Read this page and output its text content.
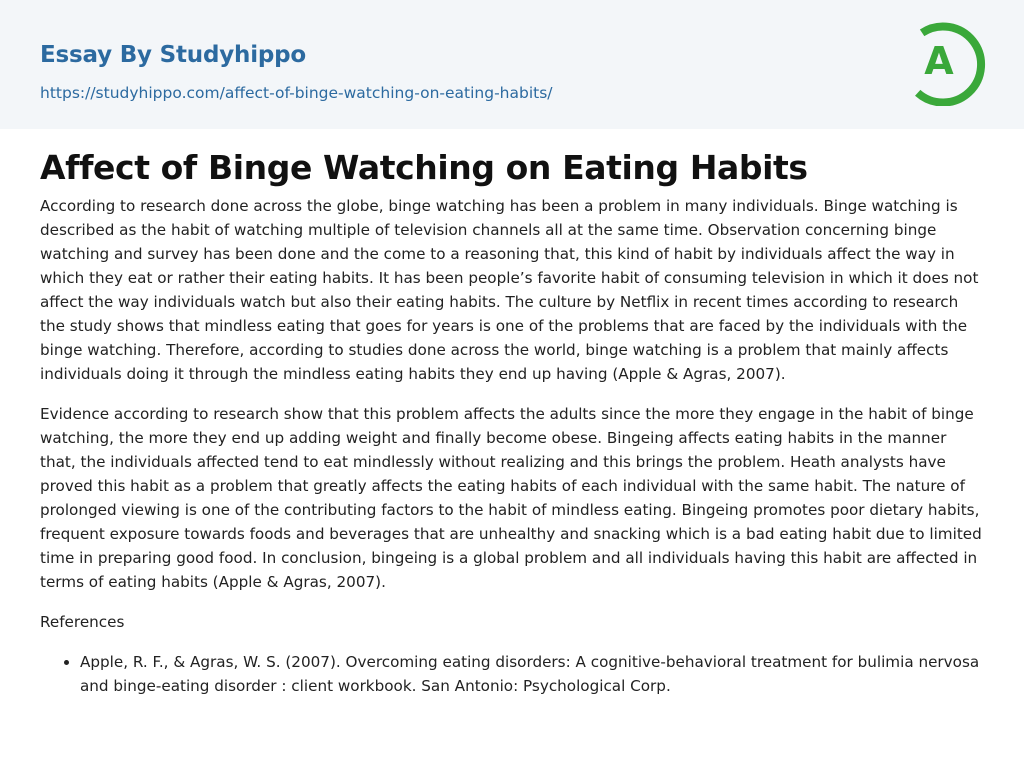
Essay By Studyhippo
https://studyhippo.com/affect-of-binge-watching-on-eating-habits/
A
Affect of Binge Watching on Eating Habits

According to research done across the globe, binge watching has been a problem in many individuals. Binge watching is described as the habit of watching multiple of television channels all at the same time. Observation concerning binge watching and survey has been done and the come to a reasoning that, this kind of habit by individuals affect the way in which they eat or rather their eating habits. It has been people’s favorite habit of consuming television in which it does not affect the way individuals watch but also their eating habits. The culture by Netflix in recent times according to research the study shows that mindless eating that goes for years is one of the problems that are faced by the individuals with the binge watching. Therefore, according to studies done across the world, binge watching is a problem that mainly affects individuals doing it through the mindless eating habits they end up having (Apple & Agras, 2007).

Evidence according to research show that this problem affects the adults since the more they engage in the habit of binge watching, the more they end up adding weight and finally become obese. Bingeing affects eating habits in the manner that, the individuals affected tend to eat mindlessly without realizing and this brings the problem. Heath analysts have proved this habit as a problem that greatly affects the eating habits of each individual with the same habit. The nature of prolonged viewing is one of the contributing factors to the habit of mindless eating. Bingeing promotes poor dietary habits, frequent exposure towards foods and beverages that are unhealthy and snacking which is a bad eating habit due to limited time in preparing good food. In conclusion, bingeing is a global problem and all individuals having this habit are affected in terms of eating habits (Apple & Agras, 2007).

References

• Apple, R. F., & Agras, W. S. (2007). Overcoming eating disorders: A cognitive-behavioral treatment for bulimia nervosa and binge-eating disorder : client workbook. San Antonio: Psychological Corp.
